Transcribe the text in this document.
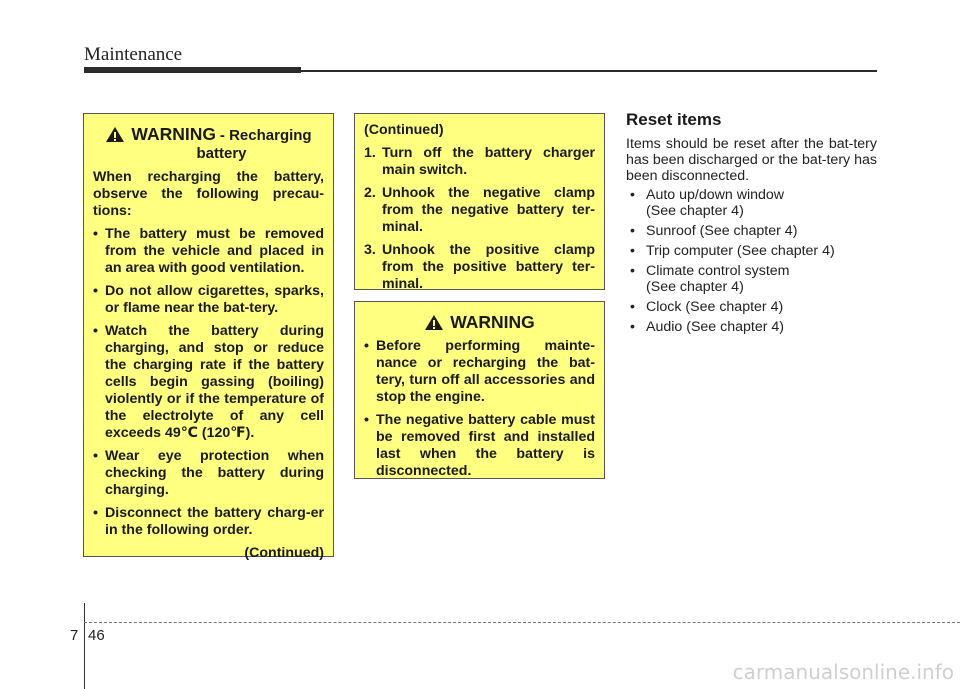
Maintenance
WARNING - Recharging
battery

When recharging the battery, observe the following precau-tions:

• The battery must be removed from the vehicle and placed in an area with good ventilation.
• Do not allow cigarettes, sparks, or flame near the bat-tery.
• Watch the battery during charging, and stop or reduce the charging rate if the battery cells begin gassing (boiling) violently or if the temperature of the electrolyte of any cell exceeds 49℃ (120℉).
• Wear eye protection when checking the battery during charging.
• Disconnect the battery charg-er in the following order.
(Continued)
(Continued)
1. Turn off the battery charger main switch.
2. Unhook the negative clamp from the negative battery ter-minal.
3. Unhook the positive clamp from the positive battery ter-minal.
WARNING
• Before performing mainte-nance or recharging the bat-tery, turn off all accessories and stop the engine.
• The negative battery cable must be removed first and installed last when the battery is disconnected.
Reset items
Items should be reset after the bat-tery has been discharged or the bat-tery has been disconnected.
• Auto up/down window
(See chapter 4)
• Sunroof (See chapter 4)
• Trip computer (See chapter 4)
• Climate control system
(See chapter 4)
• Clock (See chapter 4)
• Audio (See chapter 4)
7 46
carmanualsonline.info
